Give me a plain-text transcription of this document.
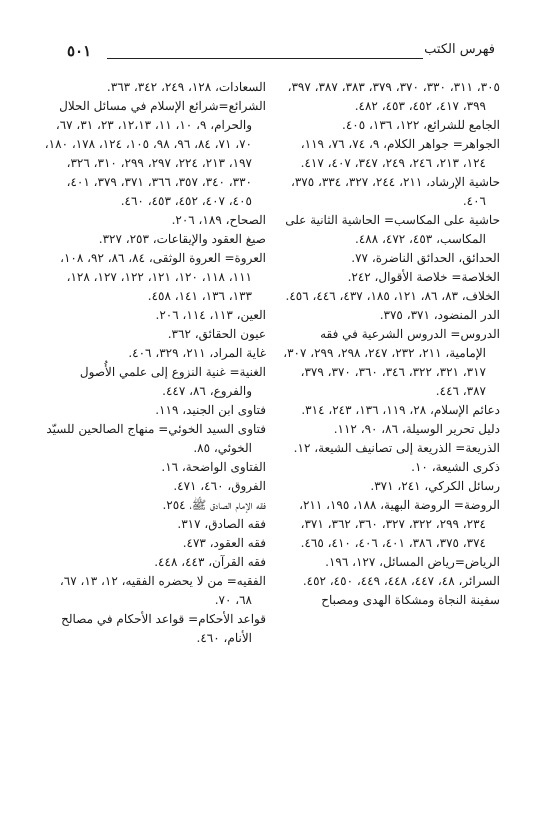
٥٠١	فهرس الكتب

٣٠٥، ٣١١، ٣٣٠، ٣٧٠، ٣٧٩، ٣٨٣، ٣٨٧، ٣٩٧، ٣٩٩، ٤١٧، ٤٥٢، ٤٥٣، ٤٨٢.

الجامع للشرائع، ١٢٢، ١٣٦، ٤٠٥.

الجواهر= جواهر الكلام، ٩، ٧٤، ٧٦، ١١٩، ١٢٤، ٢١٣، ٢٤٦، ٢٤٩، ٣٤٧، ٤٠٧، ٤١٧.

حاشية الإرشاد، ٢١١، ٢٤٤، ٣٢٧، ٣٣٤، ٣٧٥، ٤٠٦.

حاشية على المكاسب= الحاشية الثانية على المكاسب، ٤٥٣، ٤٧٢، ٤٨٨.

الحدائق، الحدائق الناضرة، ٧٧.

الخلاصة= خلاصة الأقوال، ٢٤٢.

الخلاف، ٨٣، ٨٦، ١٢١، ١٨٥، ٤٣٧، ٤٤٦، ٤٥٦.

الدر المنضود، ٣٧١، ٣٧٥.

الدروس= الدروس الشرعية في فقه الإمامية، ٢١١، ٢٣٢، ٢٤٧، ٢٩٨، ٢٩٩، ٣٠٧، ٣١٧، ٣٢١، ٣٢٢، ٣٤٦، ٣٦٠، ٣٧٠، ٣٧٩، ٣٨٧، ٤٤٦.

دعائم الإسلام، ٢٨، ١١٩، ١٣٦، ٢٤٣، ٣١٤.

دليل تحرير الوسيلة، ٨٦، ٩٠، ١١٢.

الذريعة= الذريعة إلى تصانيف الشيعة، ١٢.

ذكرى الشيعة، ١٠.

رسائل الكركي، ٢٤١، ٣٧١.

الروضة= الروضة البهية، ١٨٨، ١٩٥، ٢١١، ٢٣٤، ٢٩٩، ٣٢٢، ٣٢٧، ٣٦٠، ٣٦٢، ٣٧١، ٣٧٤، ٣٧٥، ٣٨٦، ٤٠١، ٤٠٦، ٤١٠، ٤٦٥.

الرياض=رياض المسائل، ١٢٧، ١٩٦.

السرائر، ٤٨، ٤٤٧، ٤٤٨، ٤٤٩، ٤٥٠، ٤٥٢.

سفينة النجاة ومشكاة الهدى ومصباح

السعادات، ١٢٨، ٢٤٩، ٣٤٢، ٣٦٣.

الشرائع=شرائع الإسلام في مسائل الحلال والحرام، ٩، ١٠، ١١، ١٢،١٣، ٢٣، ٣١، ٦٧، ٧٠، ٧١، ٨٤، ٩٦، ٩٨، ١٠٥، ١٢٤، ١٧٨، ١٨٠، ١٩٧، ٢١٣، ٢٢٤، ٢٩٧، ٢٩٩، ٣١٠، ٣٢٦، ٣٣٠، ٣٤٠، ٣٥٧، ٣٦٦، ٣٧١، ٣٧٩، ٤٠١، ٤٠٥، ٤٠٧، ٤٥٢، ٤٥٣، ٤٦٠.

الصحاح، ١٨٩، ٢٠٦.

صيغ العقود والإيقاعات، ٢٥٣، ٣٢٧.

العروة= العروة الوثقى، ٨٤، ٨٦، ٩٢، ١٠٨، ١١١، ١١٨، ١٢٠، ١٢١، ١٢٢، ١٢٧، ١٢٨، ١٣٣، ١٣٦، ١٤١، ٤٥٨.

العين، ١١٣، ١١٤، ٢٠٦.

عيون الحقائق، ٣٦٢.

غاية المراد، ٢١١، ٣٢٩، ٤٠٦.

الغنية= غنية النزوع إلى علمي الأُصول والفروع، ٨٦، ٤٤٧.

فتاوى ابن الجنيد، ١١٩.

فتاوى السيد الخوئي= منهاج الصالحين للسيّد الخوئي، ٨٥.

الفتاوى الواضحة، ١٦.

الفروق، ٤٦٠، ٤٧١.

فقه الإمام الصادق ﷺ، ٢٥٤.

فقه الصادق، ٣١٧.

فقه العقود، ٤٧٣.

فقه القرآن، ٤٤٣، ٤٤٨.

الفقيه= من لا يحضره الفقيه، ١٢، ١٣، ٦٧، ٦٨، ٧٠.

قواعد الأحكام= قواعد الأحكام في مصالح الأنام، ٤٦٠.
